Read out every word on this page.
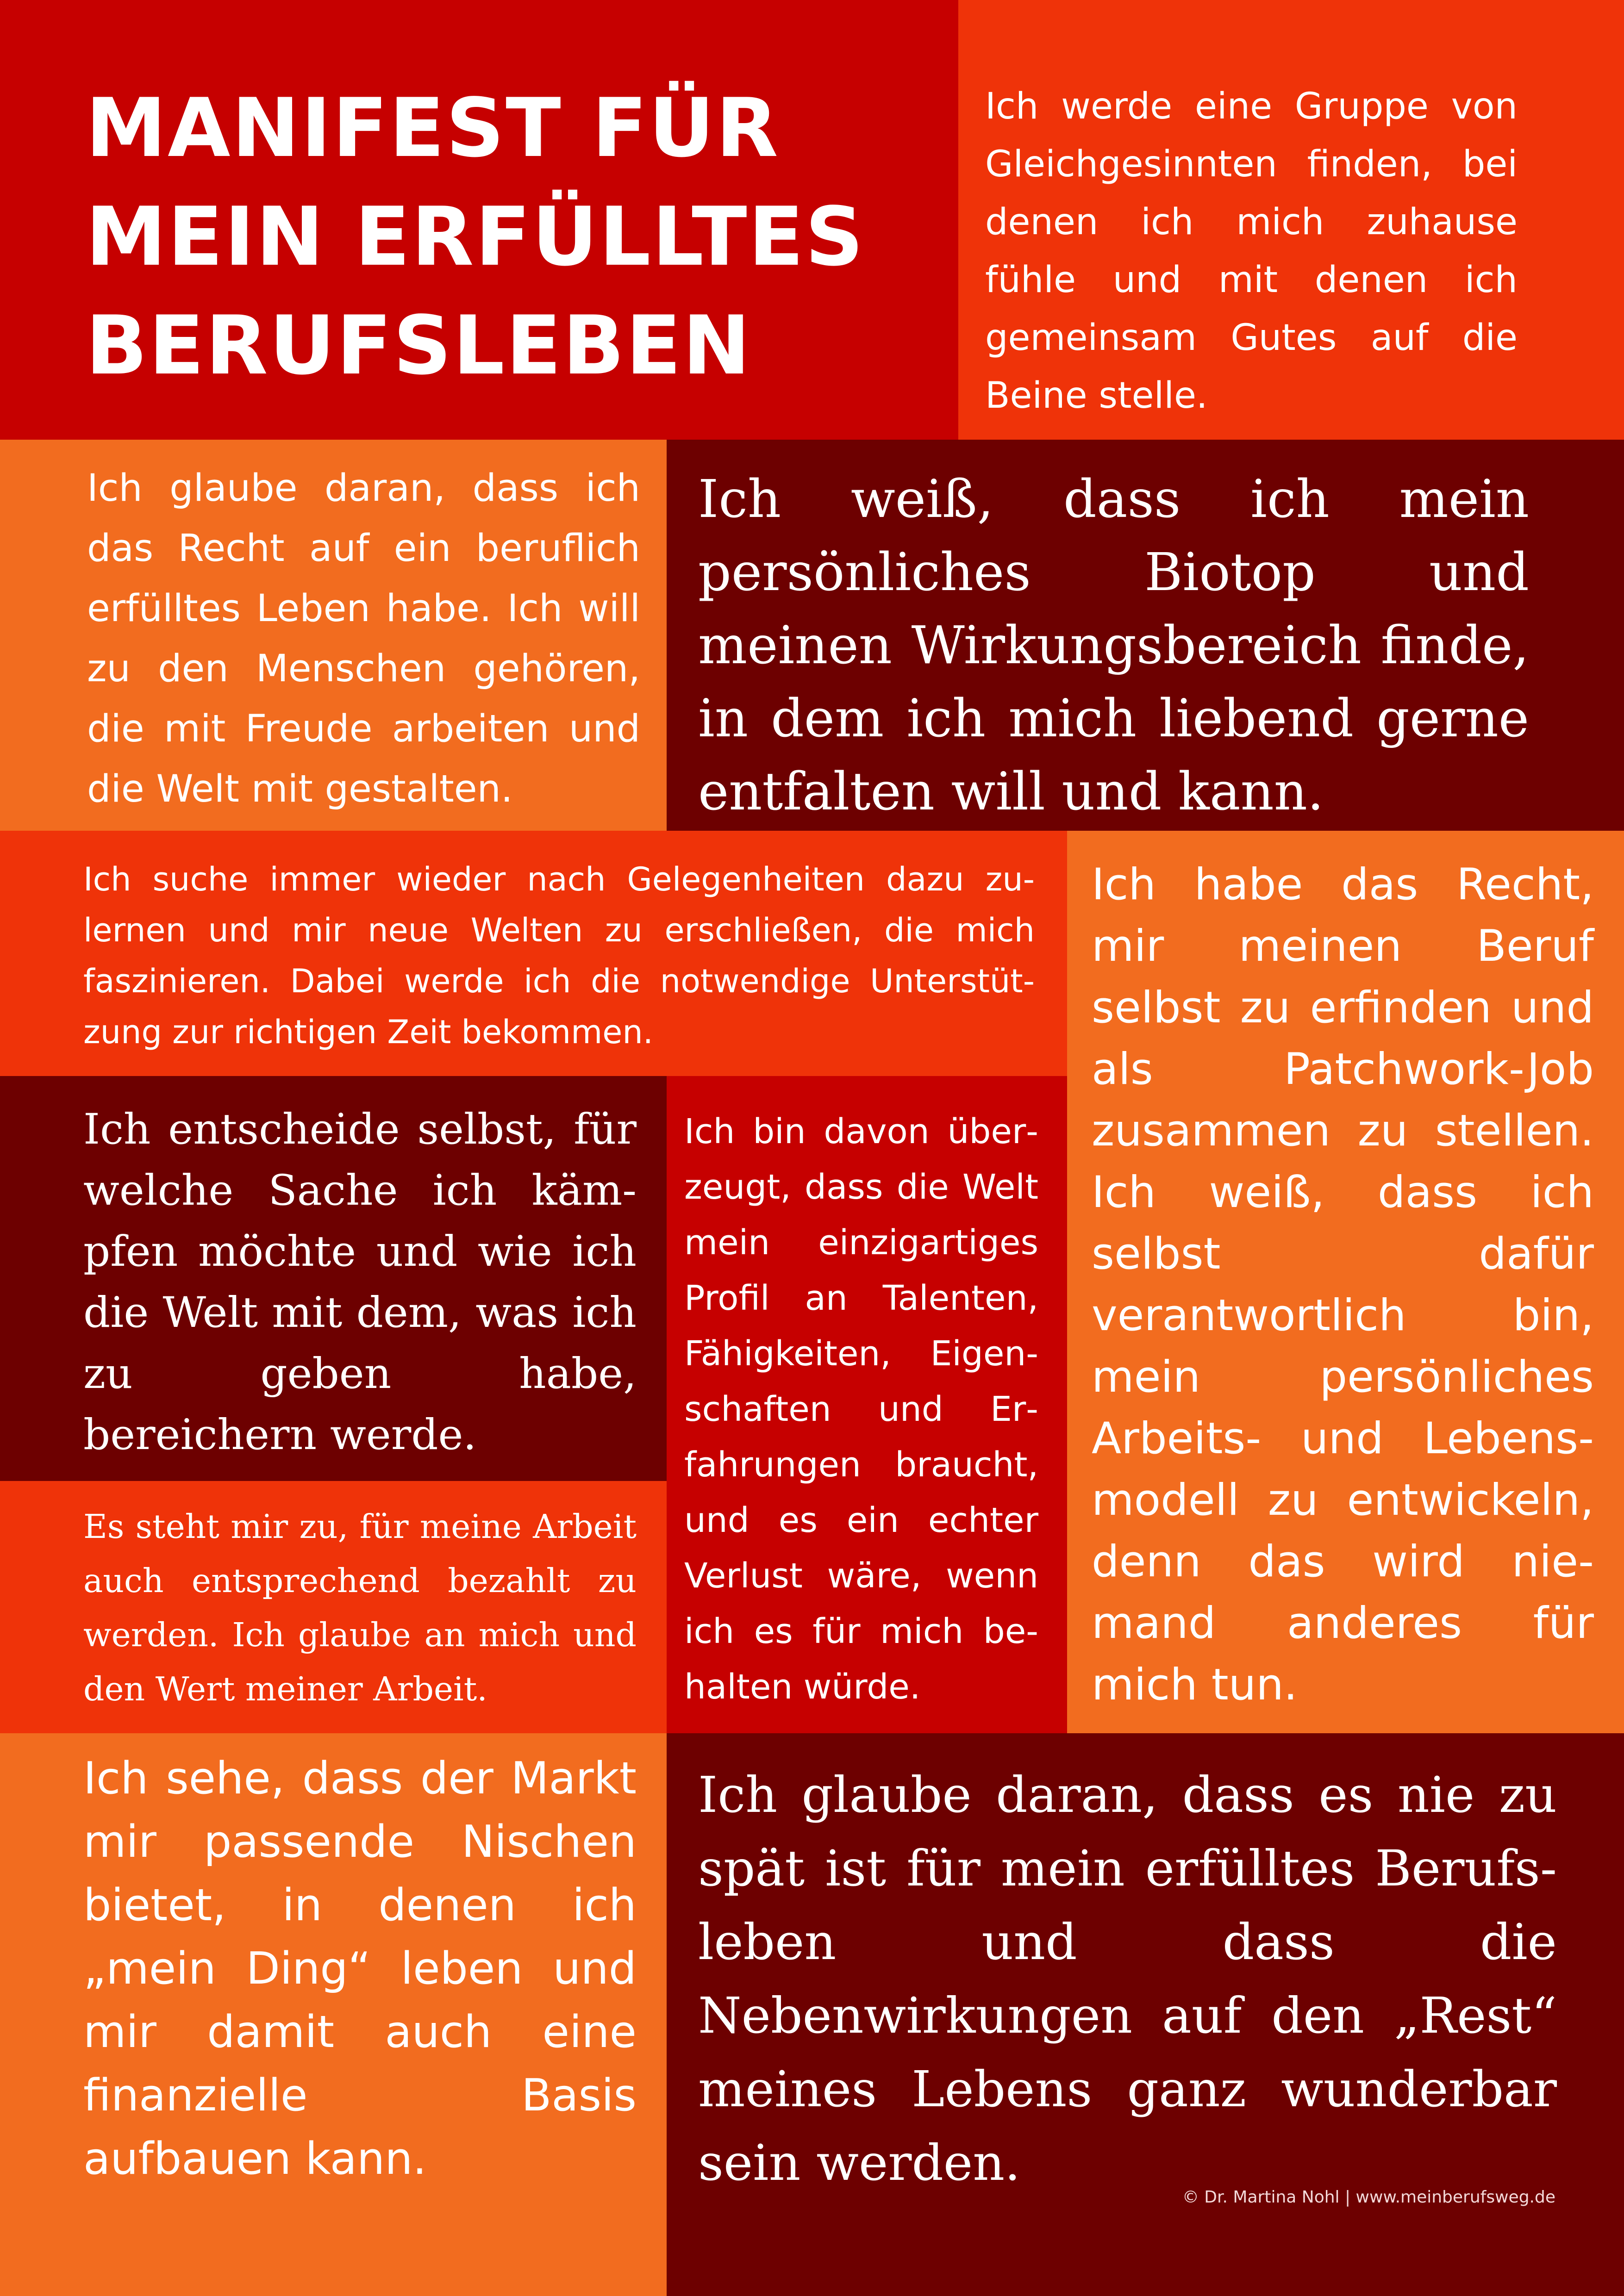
MANIFEST FÜR MEIN ERFÜLLTES BERUFSLEBEN
Ich werde eine Gruppe von Gleichgesinnten finden, bei denen ich mich zuhause fühle und mit denen ich gemeinsam Gutes auf die Beine stelle.
Ich glaube daran, dass ich das Recht auf ein beruflich erfülltes Leben habe. Ich will zu den Menschen gehören, die mit Freude arbeiten und die Welt mit gestalten.
Ich weiß, dass ich mein persönliches Biotop und meinen Wirkungsbereich finde, in dem ich mich liebend gerne entfalten will und kann.
Ich suche immer wieder nach Gelegenheiten dazu zulernen und mir neue Welten zu erschließen, die mich faszinieren. Dabei werde ich die notwendige Unterstützung zur richtigen Zeit bekommen.
Ich habe das Recht, mir meinen Beruf selbst zu erfinden und als Patchwork-Job zusammen zu stellen. Ich weiß, dass ich selbst dafür verantwortlich bin, mein persönliches Arbeits- und Lebensmodell zu entwickeln, denn das wird niemand anderes für mich tun.
Ich entscheide selbst, für welche Sache ich kämpfen möchte und wie ich die Welt mit dem, was ich zu geben habe, bereichern werde.
Ich bin davon überzeugt, dass die Welt mein einzigartiges Profil an Talenten, Fähigkeiten, Eigenschaften und Erfahrungen braucht, und es ein echter Verlust wäre, wenn ich es für mich behalten würde.
Es steht mir zu, für meine Arbeit auch entsprechend bezahlt zu werden. Ich glaube an mich und den Wert meiner Arbeit.
Ich sehe, dass der Markt mir passende Nischen bietet, in denen ich „mein Ding“ leben und mir damit auch eine finanzielle Basis aufbauen kann.
Ich glaube daran, dass es nie zu spät ist für mein erfülltes Berufsleben und dass die Nebenwirkungen auf den „Rest“ meines Lebens ganz wunderbar sein werden.
© Dr. Martina Nohl | www.meinberufsweg.de
